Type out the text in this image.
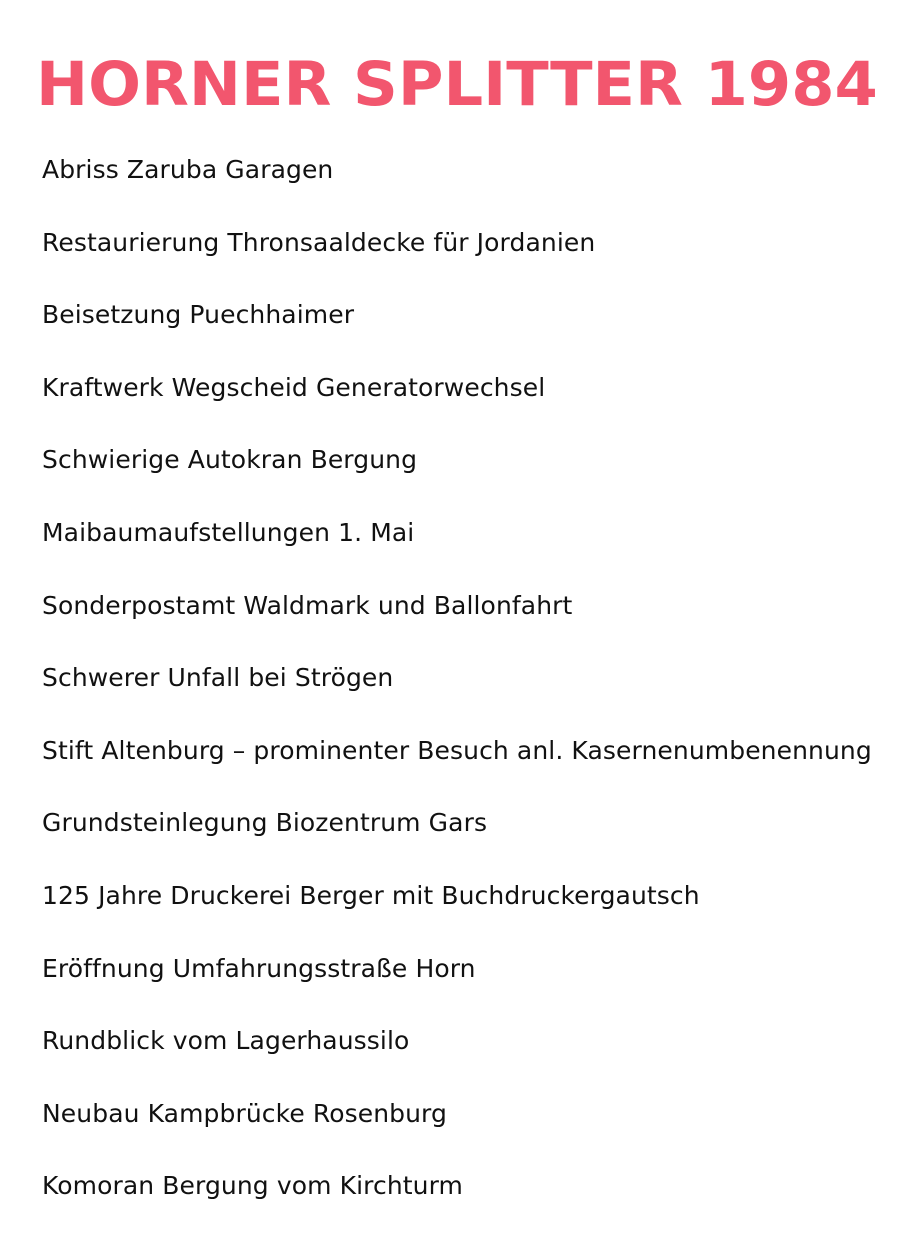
HORNER SPLITTER 1984
Abriss Zaruba Garagen
Restaurierung Thronsaaldecke für Jordanien
Beisetzung Puechhaimer
Kraftwerk Wegscheid Generatorwechsel
Schwierige Autokran Bergung
Maibaumaufstellungen 1. Mai
Sonderpostamt Waldmark und Ballonfahrt
Schwerer Unfall bei Strögen
Stift Altenburg – prominenter Besuch anl. Kasernenumbenennung
Grundsteinlegung Biozentrum Gars
125 Jahre Druckerei Berger mit Buchdruckergautsch
Eröffnung Umfahrungsstraße Horn
Rundblick vom Lagerhaussilo
Neubau Kampbrücke Rosenburg
Komoran Bergung vom Kirchturm
